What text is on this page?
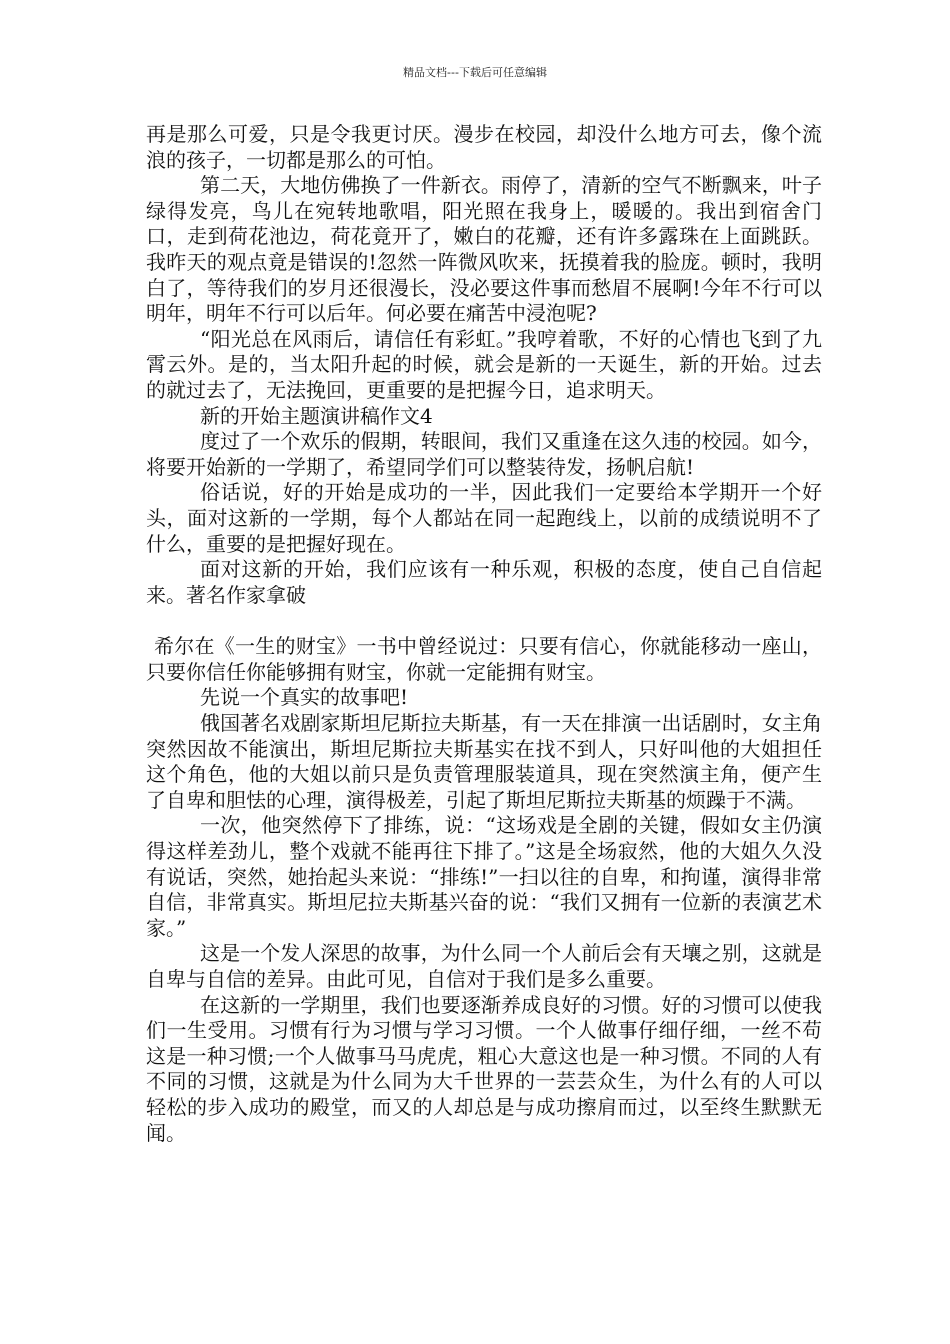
精品文档---下载后可任意编辑

再是那么可爱，只是令我更讨厌。漫步在校园，却没什么地方可去，像个流浪的孩子，一切都是那么的可怕。

第二天，大地仿佛换了一件新衣。雨停了，清新的空气不断飘来，叶子绿得发亮，鸟儿在宛转地歌唱，阳光照在我身上，暖暖的。我出到宿舍门口，走到荷花池边，荷花竟开了，嫩白的花瓣，还有许多露珠在上面跳跃。我昨天的观点竟是错误的!忽然一阵微风吹来，抚摸着我的脸庞。顿时，我明白了，等待我们的岁月还很漫长，没必要这件事而愁眉不展啊!今年不行可以明年，明年不行可以后年。何必要在痛苦中浸泡呢?

“阳光总在风雨后，请信任有彩虹。”我哼着歌，不好的心情也飞到了九霄云外。是的，当太阳升起的时候，就会是新的一天诞生，新的开始。过去的就过去了，无法挽回，更重要的是把握今日，追求明天。

新的开始主题演讲稿作文4

度过了一个欢乐的假期，转眼间，我们又重逢在这久违的校园。如今，将要开始新的一学期了，希望同学们可以整装待发，扬帆启航!

俗话说，好的开始是成功的一半，因此我们一定要给本学期开一个好头，面对这新的一学期，每个人都站在同一起跑线上，以前的成绩说明不了什么，重要的是把握好现在。

面对这新的开始，我们应该有一种乐观，积极的态度，使自己自信起来。著名作家拿破

希尔在《一生的财宝》一书中曾经说过：只要有信心，你就能移动一座山，只要你信任你能够拥有财宝，你就一定能拥有财宝。

先说一个真实的故事吧!

俄国著名戏剧家斯坦尼斯拉夫斯基，有一天在排演一出话剧时，女主角突然因故不能演出，斯坦尼斯拉夫斯基实在找不到人，只好叫他的大姐担任这个角色，他的大姐以前只是负责管理服装道具，现在突然演主角，便产生了自卑和胆怯的心理，演得极差，引起了斯坦尼斯拉夫斯基的烦躁于不满。

一次，他突然停下了排练，说：“这场戏是全剧的关键，假如女主仍演得这样差劲儿，整个戏就不能再往下排了。”这是全场寂然，他的大姐久久没有说话，突然，她抬起头来说：“排练!”一扫以往的自卑，和拘谨，演得非常自信，非常真实。斯坦尼拉夫斯基兴奋的说：“我们又拥有一位新的表演艺术家。”

这是一个发人深思的故事，为什么同一个人前后会有天壤之别，这就是自卑与自信的差异。由此可见，自信对于我们是多么重要。

在这新的一学期里，我们也要逐渐养成良好的习惯。好的习惯可以使我们一生受用。习惯有行为习惯与学习习惯。一个人做事仔细仔细，一丝不苟这是一种习惯;一个人做事马马虎虎，粗心大意这也是一种习惯。不同的人有不同的习惯，这就是为什么同为大千世界的一芸芸众生，为什么有的人可以轻松的步入成功的殿堂，而又的人却总是与成功擦肩而过，以至终生默默无闻。
